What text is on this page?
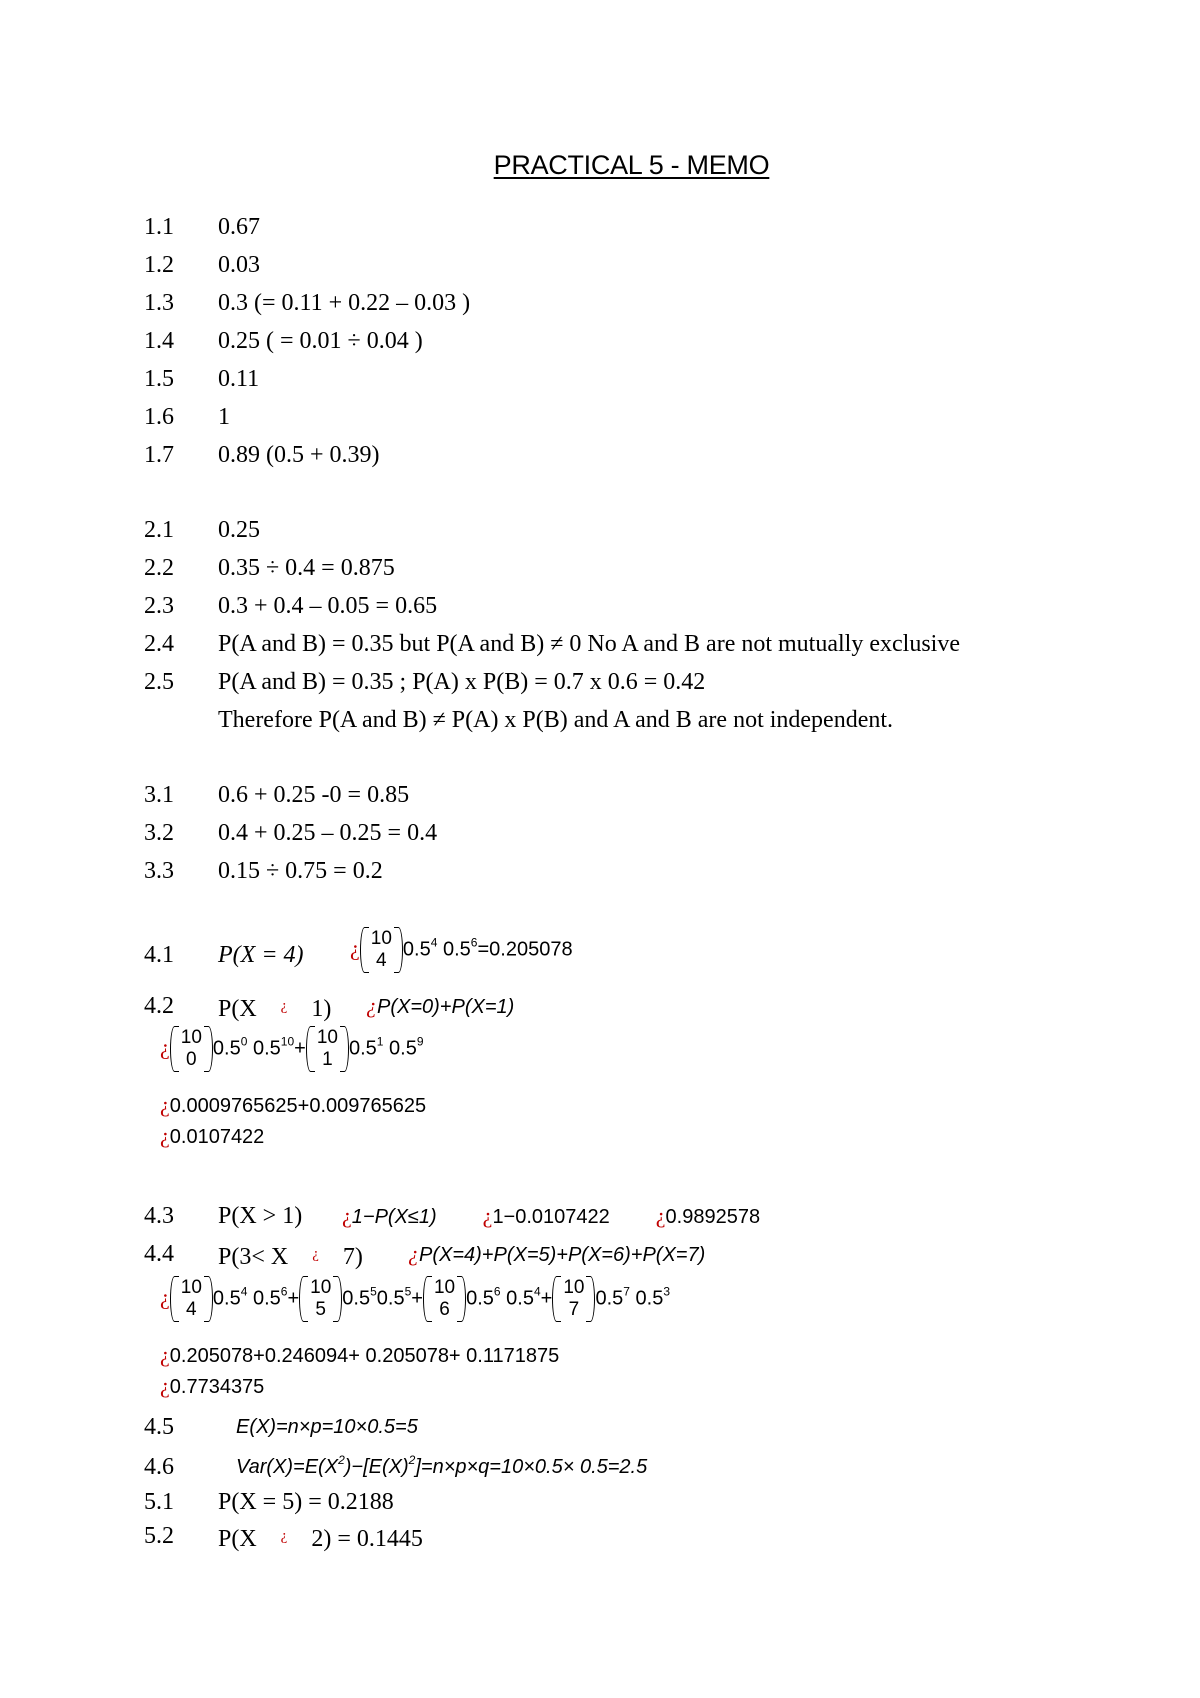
PRACTICAL 5 - MEMO
1.1 0.67
1.2 0.03
1.3 0.3 (= 0.11 + 0.22 – 0.03 )
1.4 0.25 ( = 0.01 ÷ 0.04 )
1.5 0.11
1.6 1
1.7 0.89 (0.5 + 0.39)
2.1 0.25
2.2 0.35 ÷ 0.4 = 0.875
2.3 0.3 + 0.4 – 0.05 = 0.65
2.4 P(A and B) = 0.35 but P(A and B) ≠ 0 No A and B are not mutually exclusive
2.5 P(A and B) = 0.35 ; P(A) x P(B) = 0.7 x 0.6 = 0.42
Therefore P(A and B) ≠ P(A) x P(B) and A and B are not independent.
3.1 0.6 + 0.25 -0 = 0.85
3.2 0.4 + 0.25 – 0.25 = 0.4
3.3 0.15 ÷ 0.75 = 0.2
4.1 P(X = 4) ¿ 10
4
$0.5^4$ $0.5^6=0.205078$
4.2 P(X ¿ 1) ¿P(X=0)+P(X=1)
¿ 10
0
$0.5^0$ $0.5^{10}+ 10$
1
$0.5^1$ $0.5^9$
¿0.0009765625+0.009765625
¿0.0107422
4.3 P(X > 1) ¿1−P(X≤1) ¿1−0.0107422 ¿0.9892578
4.4 P(3< X ¿ 7) ¿P(X=4)+P(X=5)+P(X=6)+P(X=7)
¿ 10
4
$0.5^4$ $0.5^6+ 10$
5
$0.5^50.5^5+ 10$
6
$0.5^6$ $0.5^4+ 10$
7
$0.5^7$ $0.5^3$
¿0.205078+0.246094+ 0.205078+ 0.1171875
¿0.7734375
4.5	E(X)=n×p=10×0.5=5
4.6	$Var(X)=E(X^2)-[E(X)^2]=n\times p\times q=10\times 0.5\times 0.5=2.5$
5.1 P(X = 5) = 0.2188
5.2 P(X ¿ 2) = 0.1445
